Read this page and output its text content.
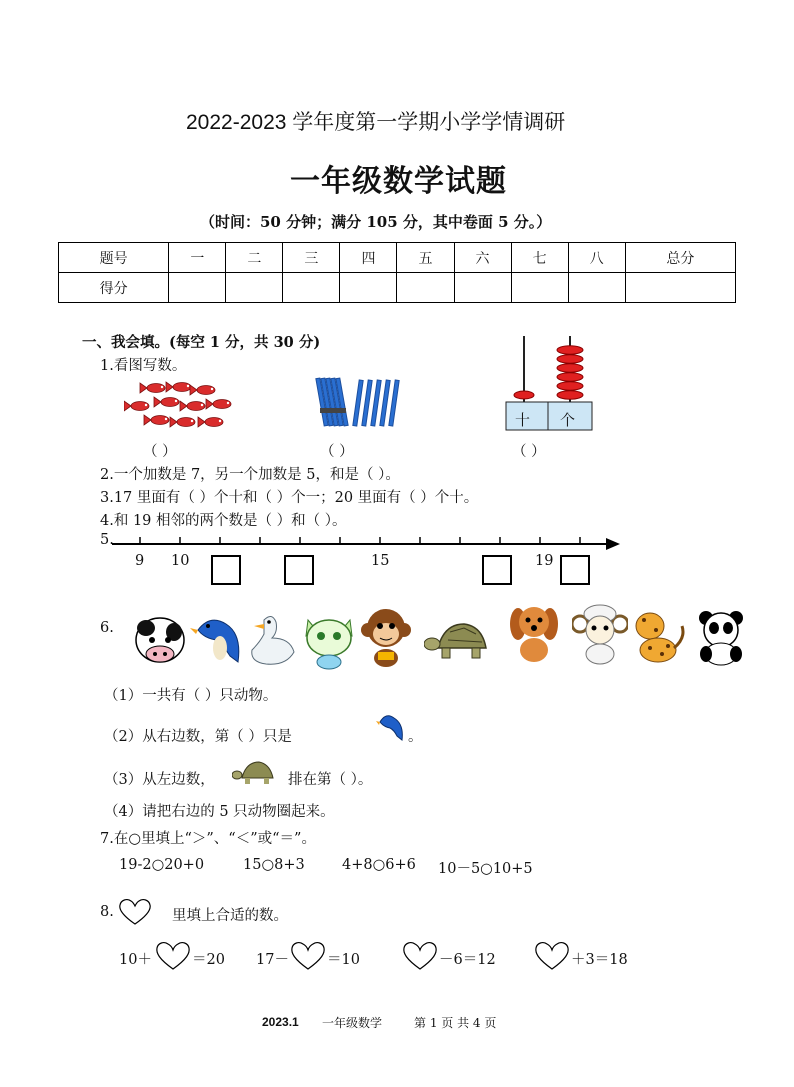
2022-2023 学年度第一学期小学学情调研
一年级数学试题
（时间：50 分钟；满分 105 分，其中卷面 5 分。）
题号	一	二	三	四	五	六	七	八	总分
得分									
一、我会填。(每空 1 分，共 30 分)
1.看图写数。
十 个
（ ）	（ ）	（ ）
2.一个加数是 7，另一个加数是 5，和是（ ）。
3.17 里面有（ ）个十和（ ）个一；20 里面有（ ）个十。
4.和 19 相邻的两个数是（ ）和（ ）。
5.
9 10	15	19
6.
（1）一共有（ ）只动物。
（2）从右边数，第（ ）只是	。
（3）从左边数，	排在第（ ）。
（4）请把右边的 5 只动物圈起来。
7.在○里填上“＞”、“＜”或“＝”。
19-2○20+0	15○8+3	4+8○6+6 10－5○10+5
8.	里填上合适的数。
10＋	＝20 17－	＝10	－6＝12	＋3＝18
2023.1 一年级数学	第 1 页 共 4 页
